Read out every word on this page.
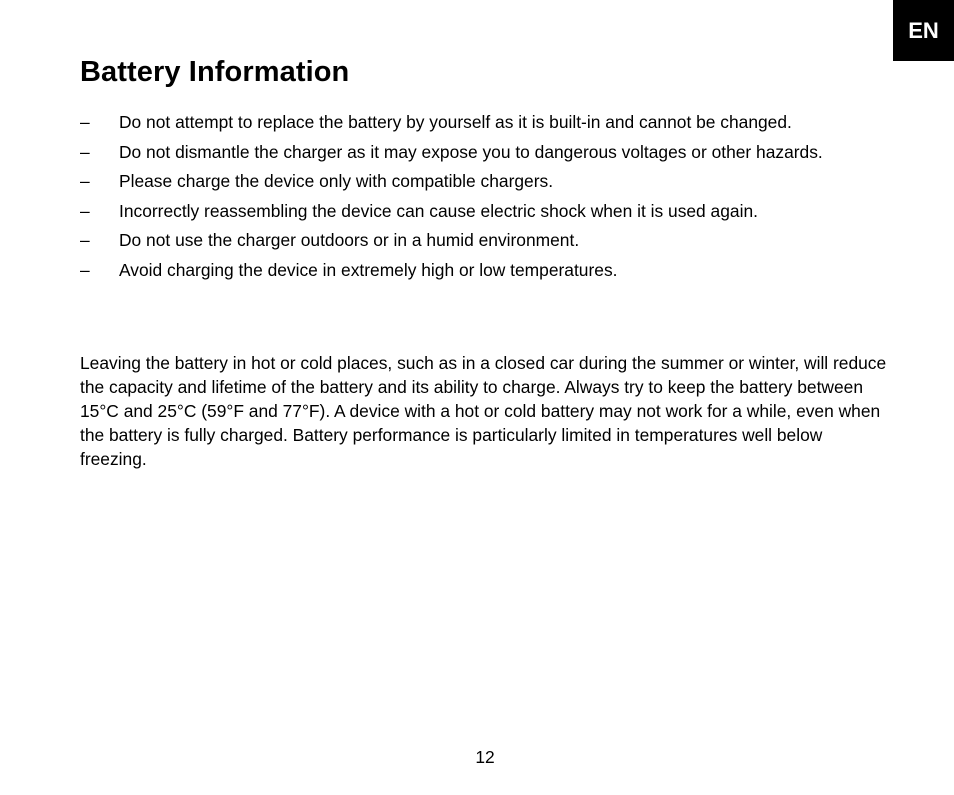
EN
Battery Information
–	Do not attempt to replace the battery by yourself as it is built-in and cannot be changed.
–	Do not dismantle the charger as it may expose you to dangerous voltages or other hazards.
–	Please charge the device only with compatible chargers.
–	Incorrectly reassembling the device can cause electric shock when it is used again.
–	Do not use the charger outdoors or in a humid environment.
–	Avoid charging the device in extremely high or low temperatures.

Leaving the battery in hot or cold places, such as in a closed car during the summer or winter, will reduce the capacity and lifetime of the battery and its ability to charge. Always try to keep the battery between 15°C and 25°C (59°F and 77°F). A device with a hot or cold battery may not work for a while, even when the battery is fully charged. Battery performance is particularly limited in temperatures well below freezing.

12
